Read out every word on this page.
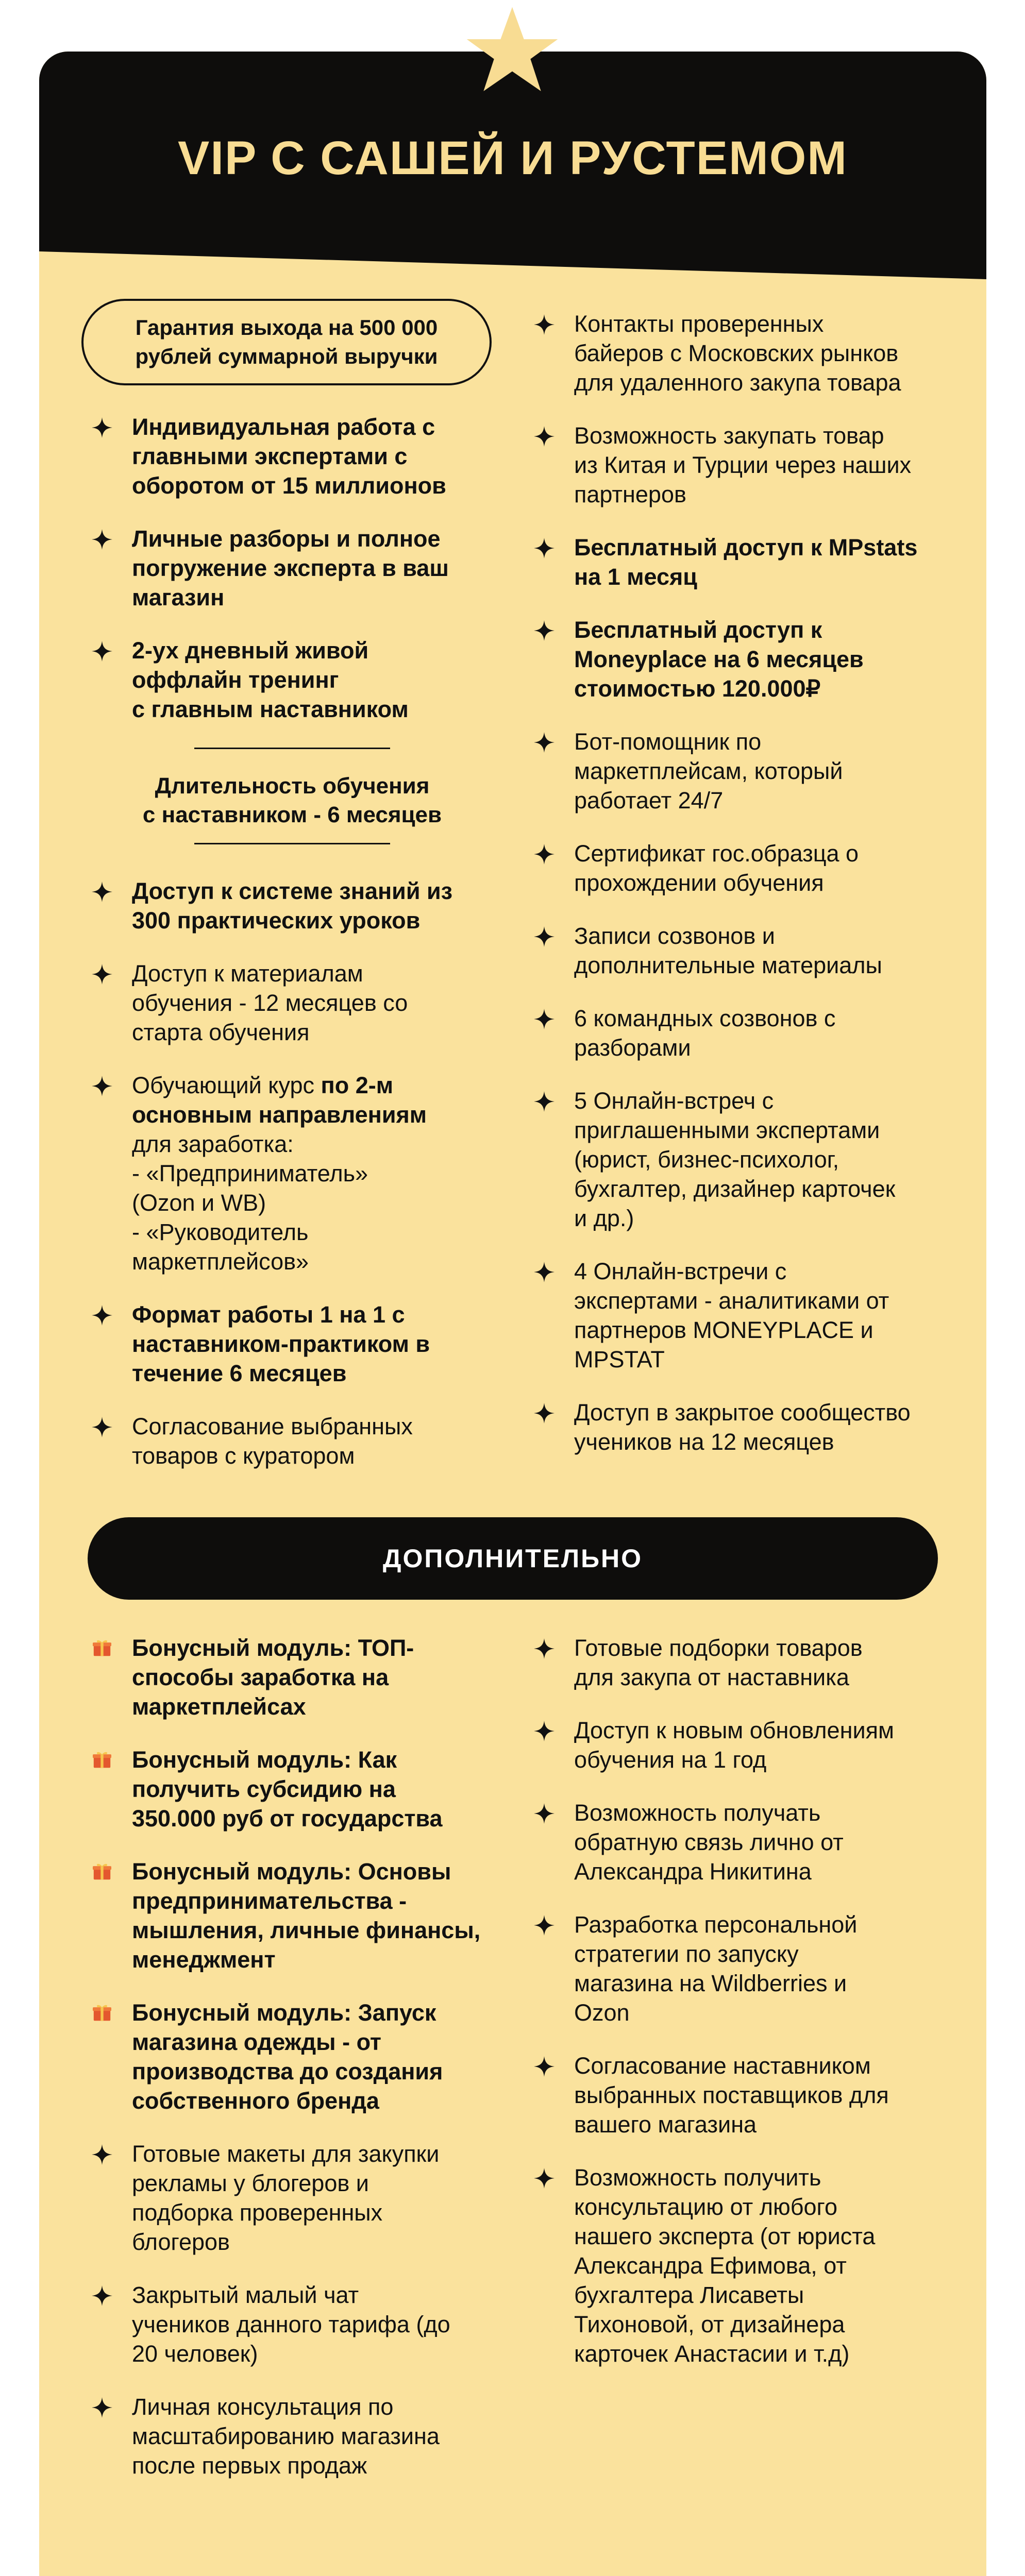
VIP С САШЕЙ И РУСТЕМОМ
Гарантия выхода на 500 000 рублей суммарной выручки
Индивидуальная работа с
главными экспертами с
оборотом от 15 миллионов
Личные разборы и полное
погружение эксперта в ваш
магазин
2-ух дневный живой
оффлайн тренинг
с главным наставником
Длительность обучения
с наставником - 6 месяцев
Доступ к системе знаний из
300 практических уроков
Доступ к материалам
обучения - 12 месяцев со
старта обучения
Обучающий курс по 2-м
основным направлениям
для заработка:
- «Предприниматель»
(Ozon и WB)
- «Руководитель
маркетплейсов»
Формат работы 1 на 1 с
наставником-практиком в
течение 6 месяцев
Согласование выбранных
товаров с куратором
Контакты проверенных
байеров с Московских рынков
для удаленного закупа товара
Возможность закупать товар
из Китая и Турции через наших
партнеров
Бесплатный доступ к MPstats
на 1 месяц
Бесплатный доступ к
Moneyplace на 6 месяцев
стоимостью 120.000₽
Бот-помощник по
маркетплейсам, который
работает 24/7
Сертификат гос.образца о
прохождении обучения
Записи созвонов и
дополнительные материалы
6 командных созвонов с
разборами
5 Онлайн-встреч с
приглашенными экспертами
(юрист, бизнес-психолог,
бухгалтер, дизайнер карточек
и др.)
4 Онлайн-встречи с
экспертами - аналитиками от
партнеров MONEYPLACE и
MPSTAT
Доступ в закрытое сообщество
учеников на 12 месяцев
ДОПОЛНИТЕЛЬНО
Бонусный модуль: ТОП-
способы заработка на
маркетплейсах
Бонусный модуль: Как
получить субсидию на
350.000 руб от государства
Бонусный модуль: Основы
предпринимательства -
мышления, личные финансы,
менеджмент
Бонусный модуль: Запуск
магазина одежды - от
производства до создания
собственного бренда
Готовые макеты для закупки
рекламы у блогеров и
подборка проверенных
блогеров
Закрытый малый чат
учеников данного тарифа (до
20 человек)
Личная консультация по
масштабированию магазина
после первых продаж
Готовые подборки товаров
для закупа от наставника
Доступ к новым обновлениям
обучения на 1 год
Возможность получать
обратную связь лично от
Александра Никитина
Разработка персональной
стратегии по запуску
магазина на Wildberries и
Ozon
Согласование наставником
выбранных поставщиков для
вашего магазина
Возможность получить
консультацию от любого
нашего эксперта (от юриста
Александра Ефимова, от
бухгалтера Лисаветы
Тихоновой, от дизайнера
карточек Анастасии и т.д)
